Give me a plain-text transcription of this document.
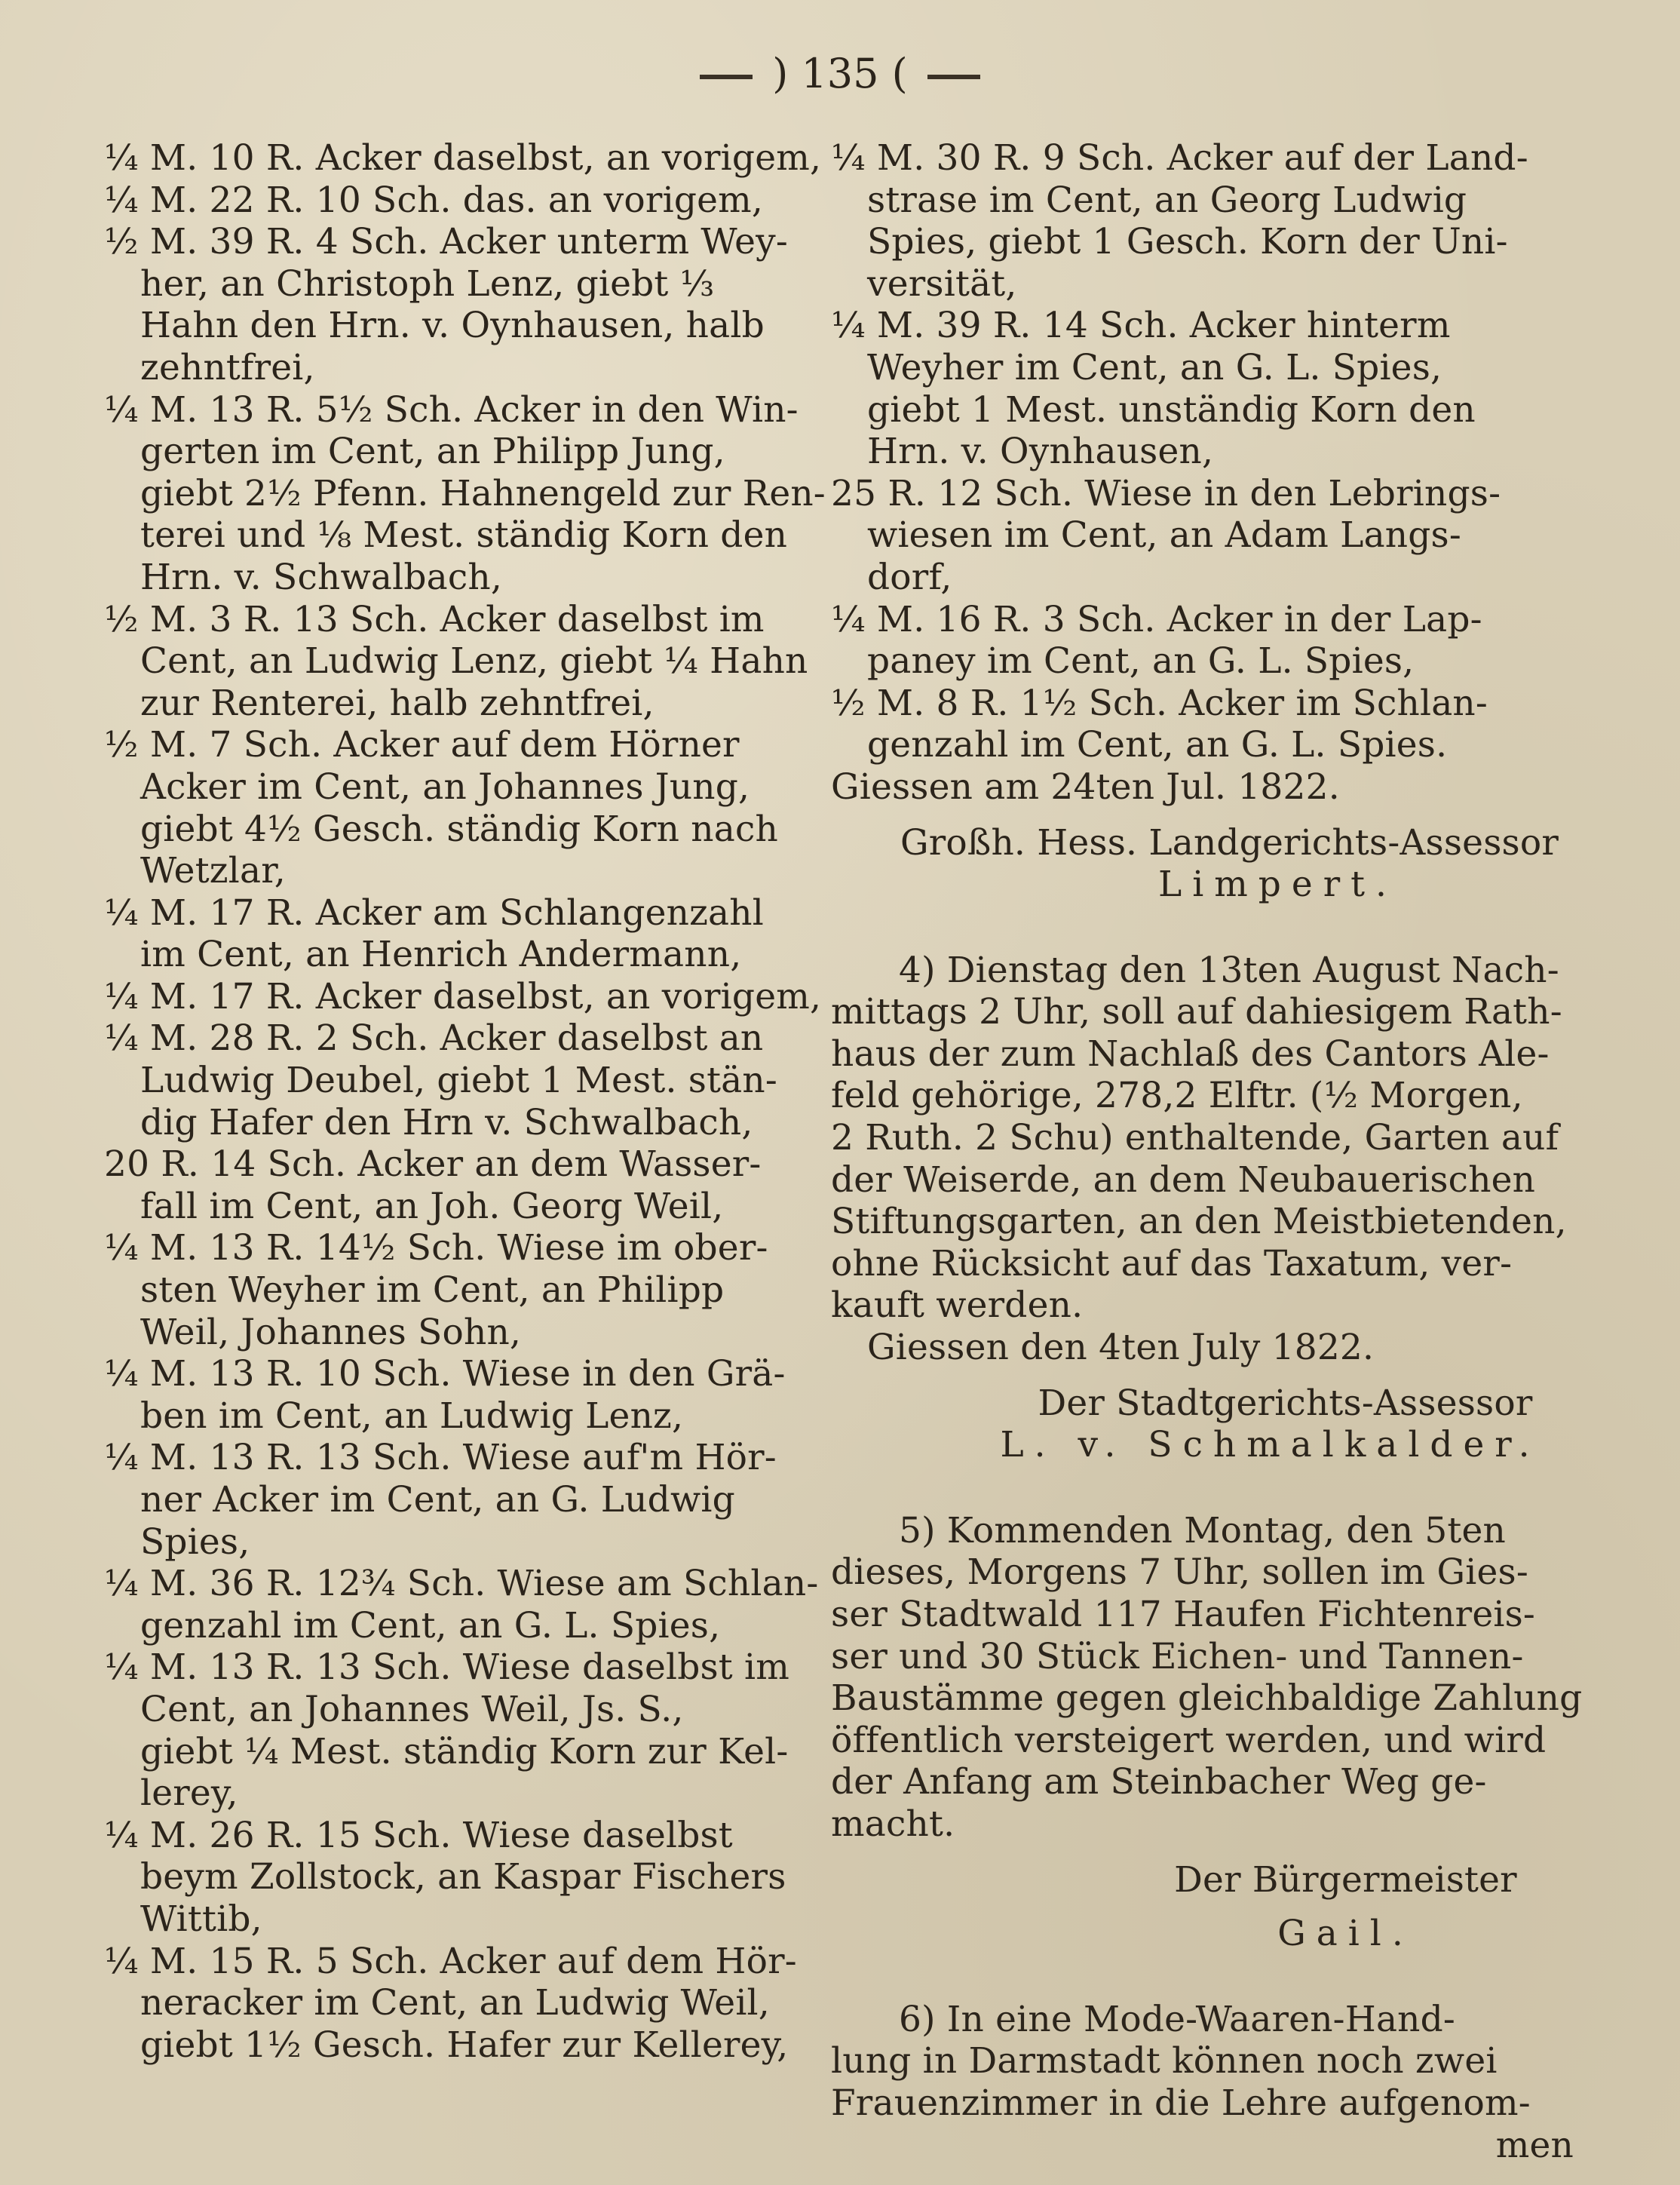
) 135 (
¼ M. 10 R. Acker daselbst, an vorigem,
¼ M. 22 R. 10 Sch. das. an vorigem,
½ M. 39 R. 4 Sch. Acker unterm Wey-
her, an Christoph Lenz, giebt ⅓
Hahn den Hrn. v. Oynhausen, halb
zehntfrei,
¼ M. 13 R. 5½ Sch. Acker in den Win-
gerten im Cent, an Philipp Jung,
giebt 2½ Pfenn. Hahnengeld zur Ren-
terei und ⅛ Mest. ständig Korn den
Hrn. v. Schwalbach,
½ M. 3 R. 13 Sch. Acker daselbst im
Cent, an Ludwig Lenz, giebt ¼ Hahn
zur Renterei, halb zehntfrei,
½ M. 7 Sch. Acker auf dem Hörner
Acker im Cent, an Johannes Jung,
giebt 4½ Gesch. ständig Korn nach
Wetzlar,
¼ M. 17 R. Acker am Schlangenzahl
im Cent, an Henrich Andermann,
¼ M. 17 R. Acker daselbst, an vorigem,
¼ M. 28 R. 2 Sch. Acker daselbst an
Ludwig Deubel, giebt 1 Mest. stän-
dig Hafer den Hrn v. Schwalbach,
20 R. 14 Sch. Acker an dem Wasser-
fall im Cent, an Joh. Georg Weil,
¼ M. 13 R. 14½ Sch. Wiese im ober-
sten Weyher im Cent, an Philipp
Weil, Johannes Sohn,
¼ M. 13 R. 10 Sch. Wiese in den Grä-
ben im Cent, an Ludwig Lenz,
¼ M. 13 R. 13 Sch. Wiese auf'm Hör-
ner Acker im Cent, an G. Ludwig
Spies,
¼ M. 36 R. 12¾ Sch. Wiese am Schlan-
genzahl im Cent, an G. L. Spies,
¼ M. 13 R. 13 Sch. Wiese daselbst im
Cent, an Johannes Weil, Js. S.,
giebt ¼ Mest. ständig Korn zur Kel-
lerey,
¼ M. 26 R. 15 Sch. Wiese daselbst
beym Zollstock, an Kaspar Fischers
Wittib,
¼ M. 15 R. 5 Sch. Acker auf dem Hör-
neracker im Cent, an Ludwig Weil,
giebt 1½ Gesch. Hafer zur Kellerey,
¼ M. 30 R. 9 Sch. Acker auf der Land-
strase im Cent, an Georg Ludwig
Spies, giebt 1 Gesch. Korn der Uni-
versität,
¼ M. 39 R. 14 Sch. Acker hinterm
Weyher im Cent, an G. L. Spies,
giebt 1 Mest. unständig Korn den
Hrn. v. Oynhausen,
25 R. 12 Sch. Wiese in den Lebrings-
wiesen im Cent, an Adam Langs-
dorf,
¼ M. 16 R. 3 Sch. Acker in der Lap-
paney im Cent, an G. L. Spies,
½ M. 8 R. 1½ Sch. Acker im Schlan-
genzahl im Cent, an G. L. Spies.
Giessen am 24ten Jul. 1822.
Großh. Hess. Landgerichts-Assessor
Limpert.
4) Dienstag den 13ten August Nach-
mittags 2 Uhr, soll auf dahiesigem Rath-
haus der zum Nachlaß des Cantors Ale-
feld gehörige, 278,2 Elftr. (½ Morgen,
2 Ruth. 2 Schu) enthaltende, Garten auf
der Weiserde, an dem Neubauerischen
Stiftungsgarten, an den Meistbietenden,
ohne Rücksicht auf das Taxatum, ver-
kauft werden.
Giessen den 4ten July 1822.
Der Stadtgerichts-Assessor
L. v. Schmalkalder.
5) Kommenden Montag, den 5ten
dieses, Morgens 7 Uhr, sollen im Gies-
ser Stadtwald 117 Haufen Fichtenreis-
ser und 30 Stück Eichen- und Tannen-
Baustämme gegen gleichbaldige Zahlung
öffentlich versteigert werden, und wird
der Anfang am Steinbacher Weg ge-
macht.
Der Bürgermeister
Gail.
6) In eine Mode-Waaren-Hand-
lung in Darmstadt können noch zwei
Frauenzimmer in die Lehre aufgenom-
men
